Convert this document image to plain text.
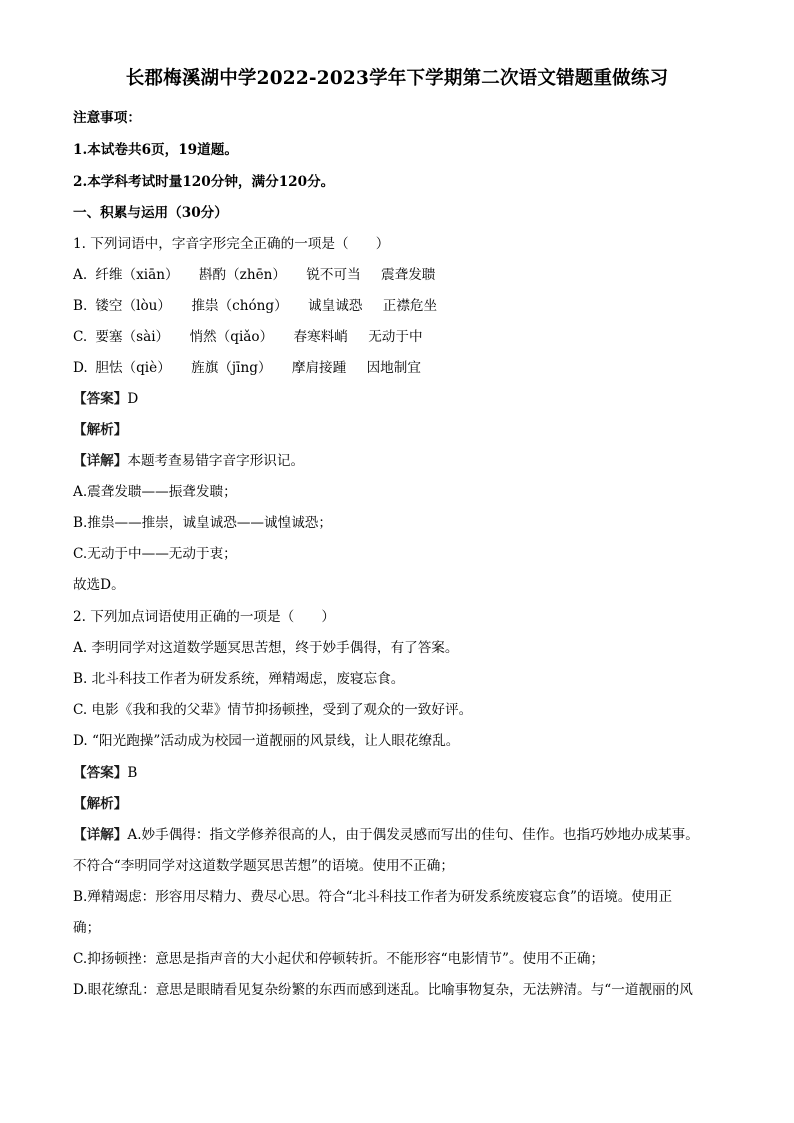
长郡梅溪湖中学2022-2023学年下学期第二次语文错题重做练习
注意事项：
1.本试卷共6页，19道题。
2.本学科考试时量120分钟，满分120分。
一、积累与运用（30分）
1. 下列词语中，字音字形完全正确的一项是（　　）
A. 纤维（xiān） 斟酌（zhēn） 锐不可当 震聋发聩
B. 镂空（lòu） 推祟（chóng） 诚皇诚恐 正襟危坐
C. 要塞（sài） 悄然（qiǎo） 春寒料峭 无动于中
D. 胆怯（qiè） 旌旗（jīng） 摩肩接踵 因地制宜
【答案】D
【解析】
【详解】本题考查易错字音字形识记。
A.震聋发聩——振聋发聩；
B.推祟——推崇，诚皇诚恐——诚惶诚恐；
C.无动于中——无动于衷；
故选D。
2. 下列加点词语使用正确的一项是（　　）
A. 李明同学对这道数学题冥思苦想，终于妙手偶得，有了答案。
B. 北斗科技工作者为研发系统，殚精竭虑，废寝忘食。
C. 电影《我和我的父辈》情节抑扬顿挫，受到了观众的一致好评。
D. “阳光跑操”活动成为校园一道靓丽的风景线，让人眼花缭乱。
【答案】B
【解析】
【详解】A.妙手偶得：指文学修养很高的人，由于偶发灵感而写出的佳句、佳作。也指巧妙地办成某事。
不符合“李明同学对这道数学题冥思苦想”的语境。使用不正确；
B.殚精竭虑：形容用尽精力、费尽心思。符合“北斗科技工作者为研发系统废寝忘食”的语境。使用正
确；
C.抑扬顿挫：意思是指声音的大小起伏和停顿转折。不能形容“电影情节”。使用不正确；
D.眼花缭乱：意思是眼睛看见复杂纷繁的东西而感到迷乱。比喻事物复杂，无法辨清。与“一道靓丽的风
